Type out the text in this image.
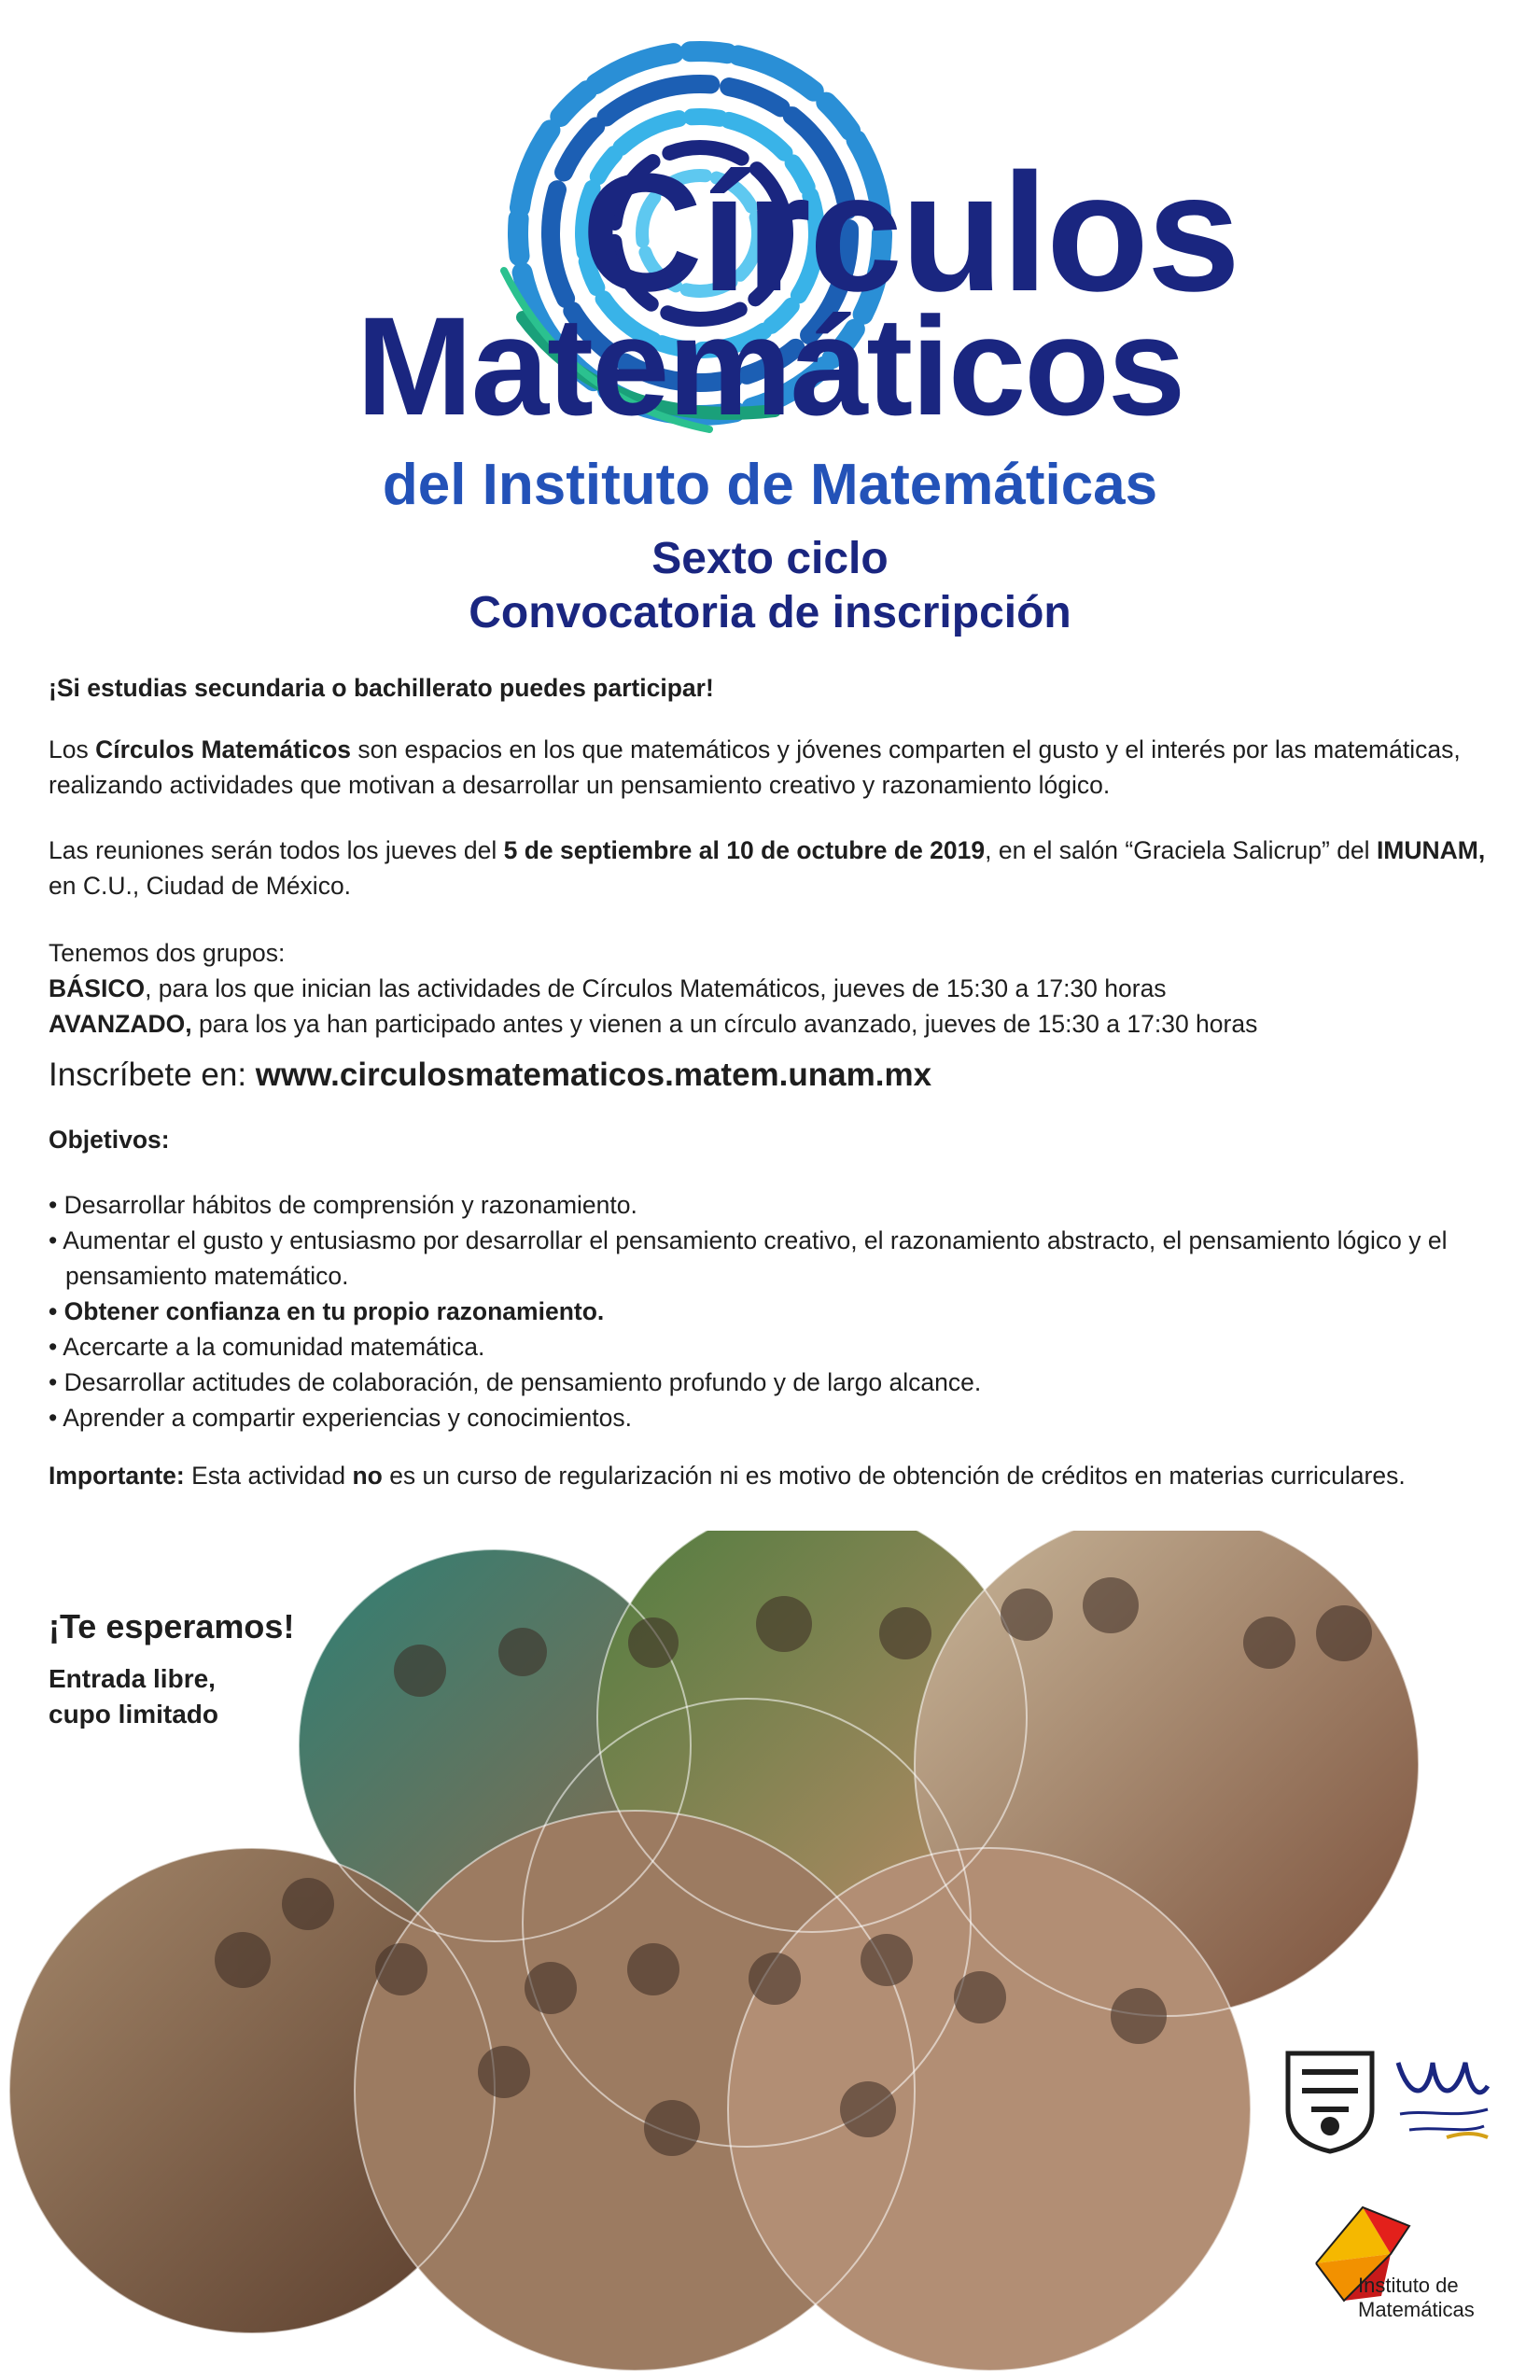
Círculos
Matemáticos
del Instituto de Matemáticas
Sexto ciclo
Convocatoria de inscripción
¡Si estudias secundaria o bachillerato puedes participar!
Los Círculos Matemáticos son espacios en los que matemáticos y jóvenes comparten el gusto y el interés por las matemáticas, realizando actividades que motivan a desarrollar un pensamiento creativo y razonamiento lógico.
Las reuniones serán todos los jueves del 5 de septiembre al 10 de octubre de 2019, en el salón “Graciela Salicrup” del IMUNAM, en C.U., Ciudad de México.
Tenemos dos grupos:
BÁSICO, para los que inician las actividades de Círculos Matemáticos, jueves de 15:30 a 17:30 horas
AVANZADO, para los ya han participado antes y vienen a un círculo avanzado, jueves de 15:30 a 17:30 horas
Inscríbete en: www.circulosmatematicos.matem.unam.mx
Objetivos:
• Desarrollar hábitos de comprensión y razonamiento.
• Aumentar el gusto y entusiasmo por desarrollar el pensamiento creativo, el razonamiento abstracto, el pensamiento lógico y el pensamiento matemático.
• Obtener confianza en tu propio razonamiento.
• Acercarte a la comunidad matemática.
• Desarrollar actitudes de colaboración, de pensamiento profundo y de largo alcance.
• Aprender a compartir experiencias y conocimientos.
Importante: Esta actividad no es un curso de regularización ni es motivo de obtención de créditos en materias curriculares.
¡Te esperamos!
Entrada libre,
cupo limitado
Instituto de
Matemáticas
